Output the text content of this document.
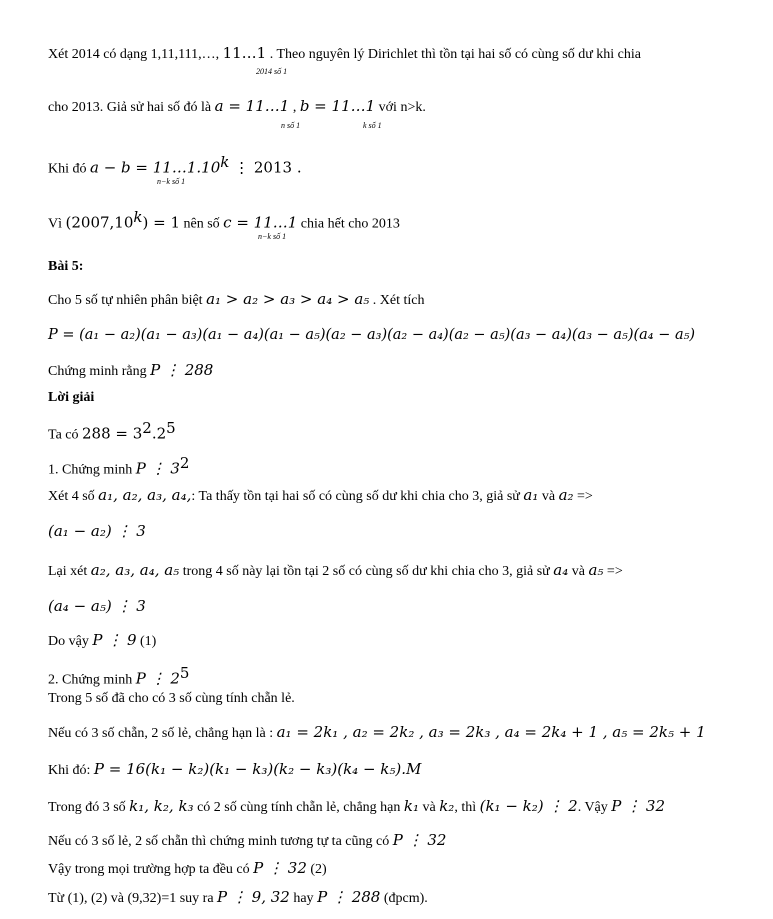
Xét 2014 có dạng 1,11,111,…, 11…1 . Theo nguyên lý Dirichlet thì tồn tại hai số có cùng số dư khi chia
2014 số 1
cho 2013. Giả sử hai số đó là a = 11…1 , b = 11…1 với n>k.
n số 1	k số 1
Khi đó $a - b = 11\dots 1.10^k$ ⋮ 2013 .
n−k số 1
Vì $(2007,10^k) = 1$ nên số c = 11…1 chia hết cho 2013
n−k số 1
Bài 5:
Cho 5 số tự nhiên phân biệt a₁ > a₂ > a₃ > a₄ > a₅ . Xét tích
P = (a₁ − a₂)(a₁ − a₃)(a₁ − a₄)(a₁ − a₅)(a₂ − a₃)(a₂ − a₄)(a₂ − a₅)(a₃ − a₄)(a₃ − a₅)(a₄ − a₅)
Chứng minh rằng P ⋮ 288
Lời giải
Ta có $288 = 3^2.2^5$
1. Chứng minh P ⋮ $3^2$
Xét 4 số a₁, a₂, a₃, a₄,: Ta thấy tồn tại hai số có cùng số dư khi chia cho 3, giả sử a₁ và a₂ =>
(a₁ − a₂) ⋮ 3
Lại xét a₂, a₃, a₄, a₅ trong 4 số này lại tồn tại 2 số có cùng số dư khi chia cho 3, giả sử a₄ và a₅ =>
(a₄ − a₅) ⋮ 3
Do vậy P ⋮ 9 (1)
2. Chứng minh P ⋮ $2^5$
Trong 5 số đã cho có 3 số cùng tính chẵn lẻ.
Nếu có 3 số chẵn, 2 số lẻ, chẳng hạn là : a₁ = 2k₁ , a₂ = 2k₂ , a₃ = 2k₃ , a₄ = 2k₄ + 1 , a₅ = 2k₅ + 1
Khi đó: P = 16(k₁ − k₂)(k₁ − k₃)(k₂ − k₃)(k₄ − k₅).M
Trong đó 3 số k₁, k₂, k₃ có 2 số cùng tính chẵn lẻ, chẳng hạn k₁ và k₂, thì (k₁ − k₂) ⋮ 2. Vậy P ⋮ 32
Nếu có 3 số lẻ, 2 số chẵn thì chứng minh tương tự ta cũng có P ⋮ 32
Vậy trong mọi trường hợp ta đều có P ⋮ 32 (2)
Từ (1), (2) và (9,32)=1 suy ra P ⋮ 9, 32 hay P ⋮ 288 (đpcm).
